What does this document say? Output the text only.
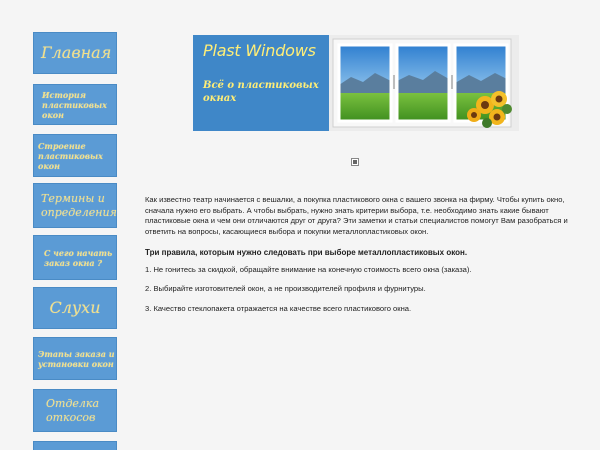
Главная
История пластиковых окон
Строение пластиковых окон
Термины и определения
С чего начать заказ окна ?
Слухи
Этапы заказа и установки окон
Отделка откосов
Plast Windows
Всё о пластиковых окнах

Как известно театр начинается с вешалки, а покупка пластикового окна с вашего звонка на фирму. Чтобы купить окно, сначала нужно его выбрать. А чтобы выбрать, нужно знать критерии выбора, т.е. необходимо знать какие бывают пластиковые окна и чем они отличаются друг от друга? Эти заметки и статьи специалистов помогут Вам разобраться и ответить на вопросы, касающиеся выбора и покупки металлопластиковых окон.

Три правила, которым нужно следовать при выборе металлопластиковых окон.

1. Не гонитесь за скидкой, обращайте внимание на конечную стоимость всего окна (заказа).

2. Выбирайте изготовителей окон, а не производителей профиля и фурнитуры.

3. Качество стеклопакета отражается на качестве всего пластикового окна.
